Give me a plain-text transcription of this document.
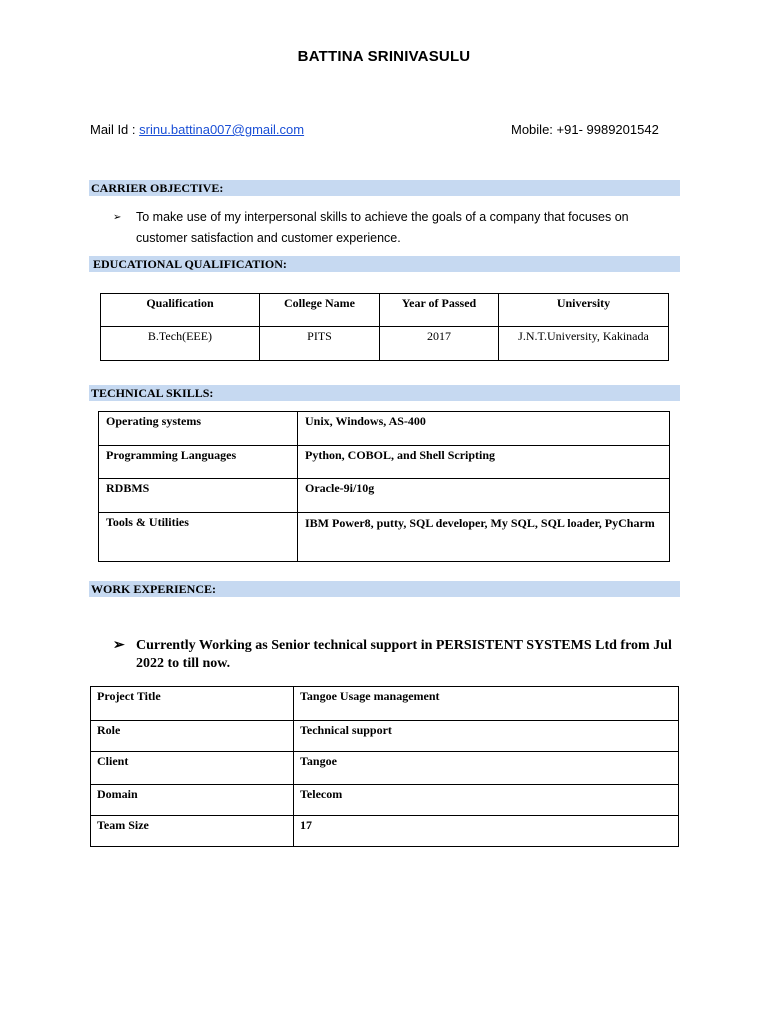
BATTINA SRINIVASULU
Mail Id : srinu.battina007@gmail.com	Mobile: +91- 9989201542
CARRIER OBJECTIVE:
➢ To make use of my interpersonal skills to achieve the goals of a company that focuses on customer satisfaction and customer experience.
EDUCATIONAL QUALIFICATION:
Qualification	College Name	Year of Passed	University
B.Tech(EEE)	PITS	2017	J.N.T.University, Kakinada
TECHNICAL SKILLS:
Operating systems	Unix, Windows, AS-400
Programming Languages	Python, COBOL, and Shell Scripting
RDBMS	Oracle-9i/10g
Tools & Utilities	IBM Power8, putty, SQL developer, My SQL, SQL loader, PyCharm
WORK EXPERIENCE:
➢ Currently Working as Senior technical support in PERSISTENT SYSTEMS Ltd from Jul 2022 to till now.
Project Title	Tangoe Usage management
Role	Technical support
Client	Tangoe
Domain	Telecom
Team Size	17
